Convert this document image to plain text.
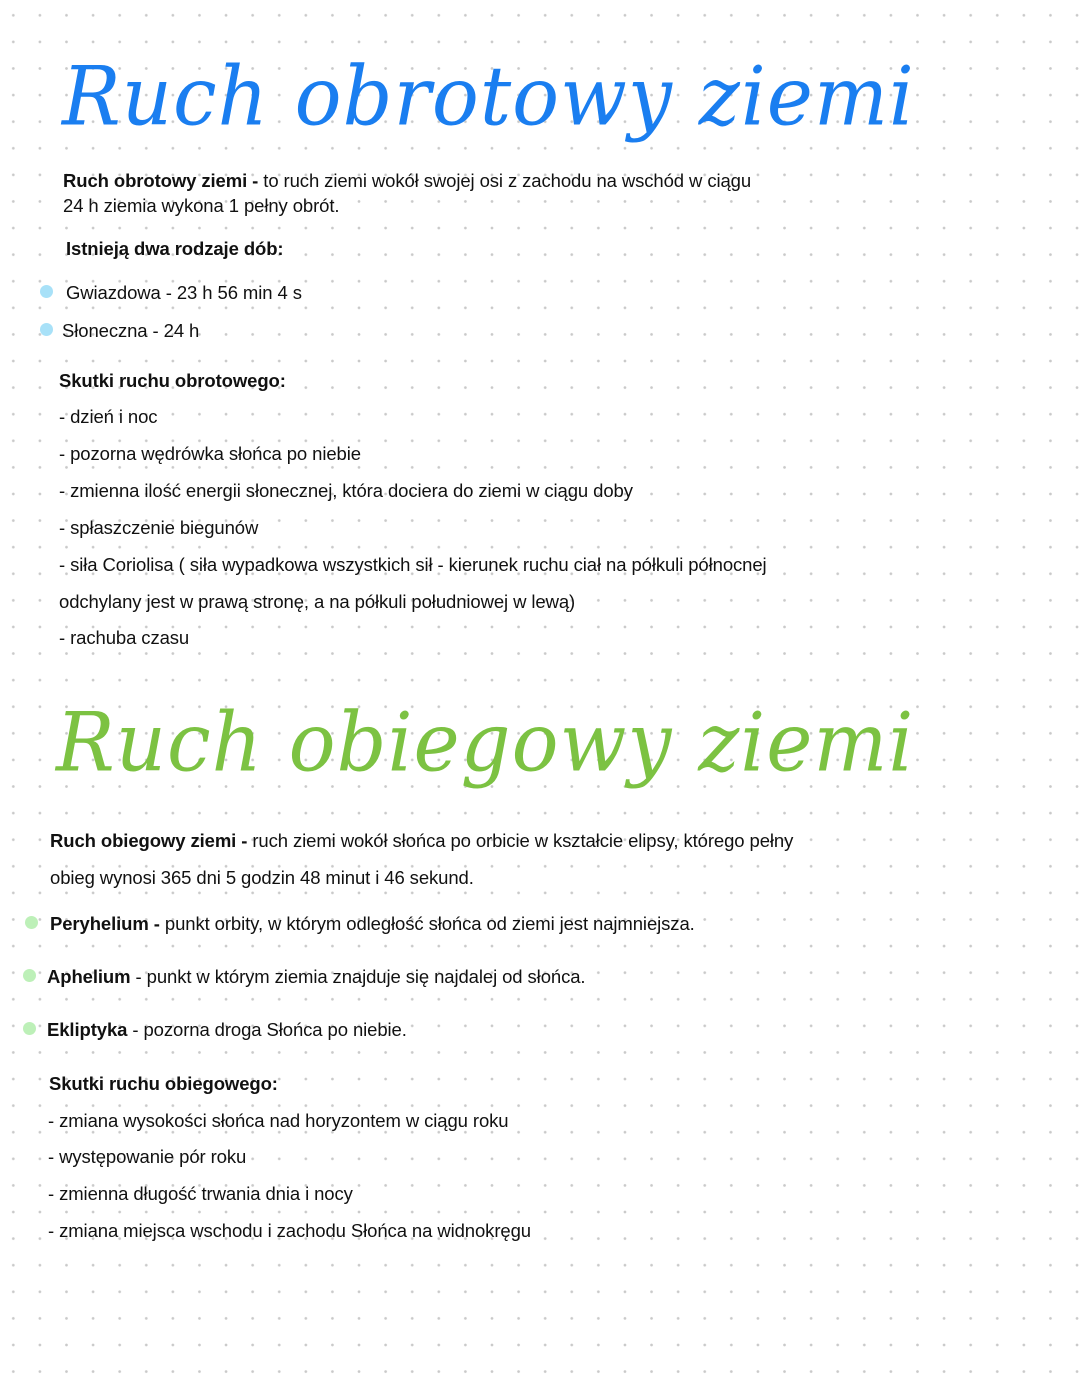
Ruch obrotowy ziemi
Ruch obrotowy ziemi - to ruch ziemi wokół swojej osi z zachodu na wschód w ciągu
24 h ziemia wykona 1 pełny obrót.
Istnieją dwa rodzaje dób:
Gwiazdowa - 23 h 56 min 4 s
Słoneczna - 24 h
Skutki ruchu obrotowego:
- dzień i noc
- pozorna wędrówka słońca po niebie
- zmienna ilość energii słonecznej, która dociera do ziemi w ciągu doby
- spłaszczenie biegunów
- siła Coriolisa ( siła wypadkowa wszystkich sił - kierunek ruchu ciał na półkuli północnej
odchylany jest w prawą stronę, a na półkuli południowej w lewą)
- rachuba czasu
Ruch obiegowy ziemi
Ruch obiegowy ziemi - ruch ziemi wokół słońca po orbicie w kształcie elipsy, którego pełny
obieg wynosi 365 dni 5 godzin 48 minut i 46 sekund.
Peryhelium - punkt orbity, w którym odległość słońca od ziemi jest najmniejsza.
Aphelium - punkt w którym ziemia znajduje się najdalej od słońca.
Ekliptyka - pozorna droga Słońca po niebie.
Skutki ruchu obiegowego:
- zmiana wysokości słońca nad horyzontem w ciągu roku
- występowanie pór roku
- zmienna długość trwania dnia i nocy
- zmiana miejsca wschodu i zachodu Słońca na widnokręgu
